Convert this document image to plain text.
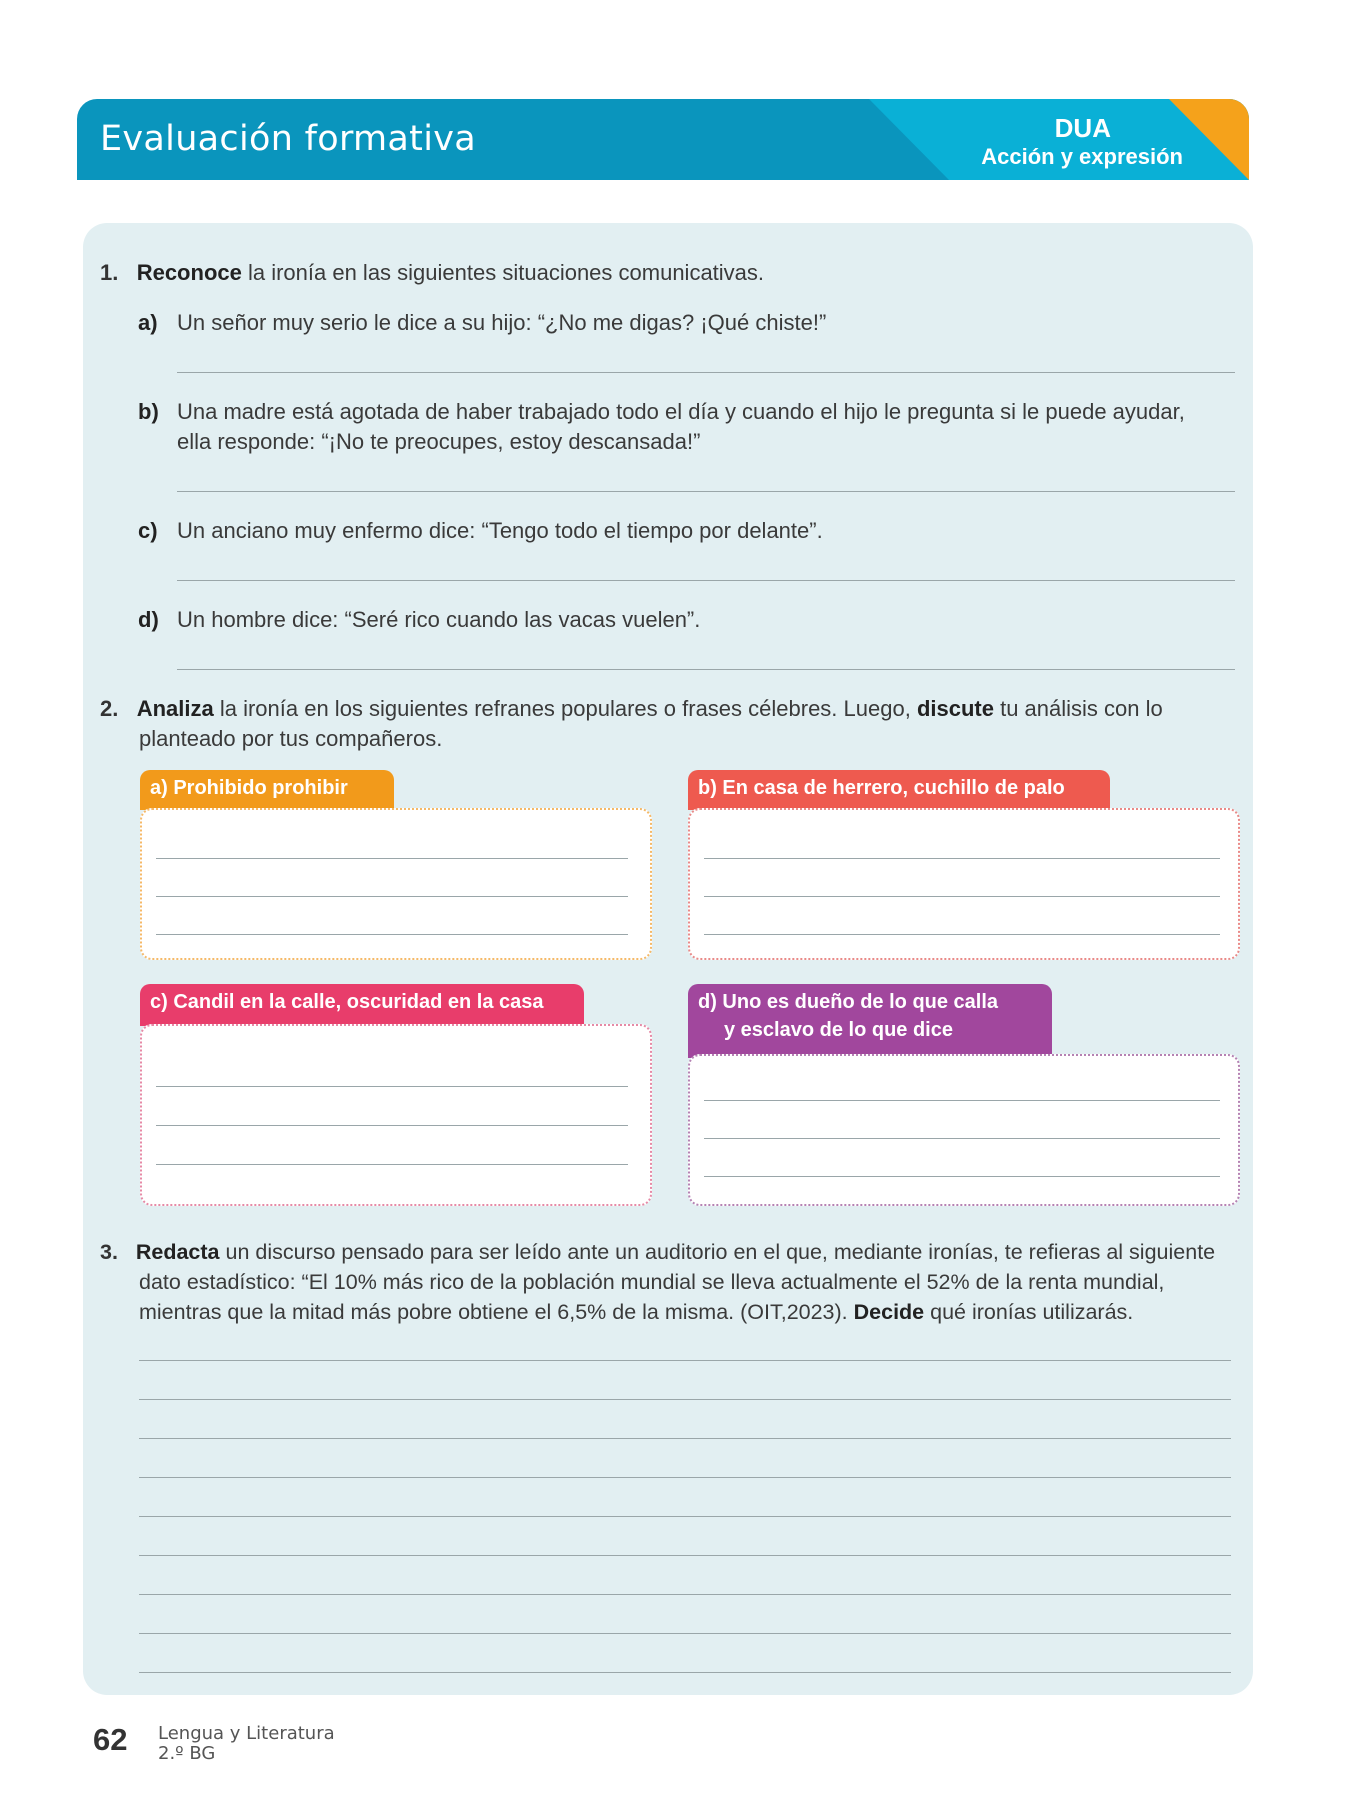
Evaluación formativa	DUA
Acción y expresión
1. Reconoce la ironía en las siguientes situaciones comunicativas.
a) Un señor muy serio le dice a su hijo: “¿No me digas? ¡Qué chiste!”
b) Una madre está agotada de haber trabajado todo el día y cuando el hijo le pregunta si le puede ayudar,
ella responde: “¡No te preocupes, estoy descansada!”
c) Un anciano muy enfermo dice: “Tengo todo el tiempo por delante”.
d) Un hombre dice: “Seré rico cuando las vacas vuelen”.
2. Analiza la ironía en los siguientes refranes populares o frases célebres. Luego, discute tu análisis con lo
planteado por tus compañeros.
a) Prohibido prohibir	b) En casa de herrero, cuchillo de palo
c) Candil en la calle, oscuridad en la casa	d) Uno es dueño de lo que calla
y esclavo de lo que dice
3. Redacta un discurso pensado para ser leído ante un auditorio en el que, mediante ironías, te refieras al siguiente
dato estadístico: “El 10% más rico de la población mundial se lleva actualmente el 52% de la renta mundial,
mientras que la mitad más pobre obtiene el 6,5% de la misma. (OIT,2023). Decide qué ironías utilizarás.
62 Lengua y Literatura
2.º BG
